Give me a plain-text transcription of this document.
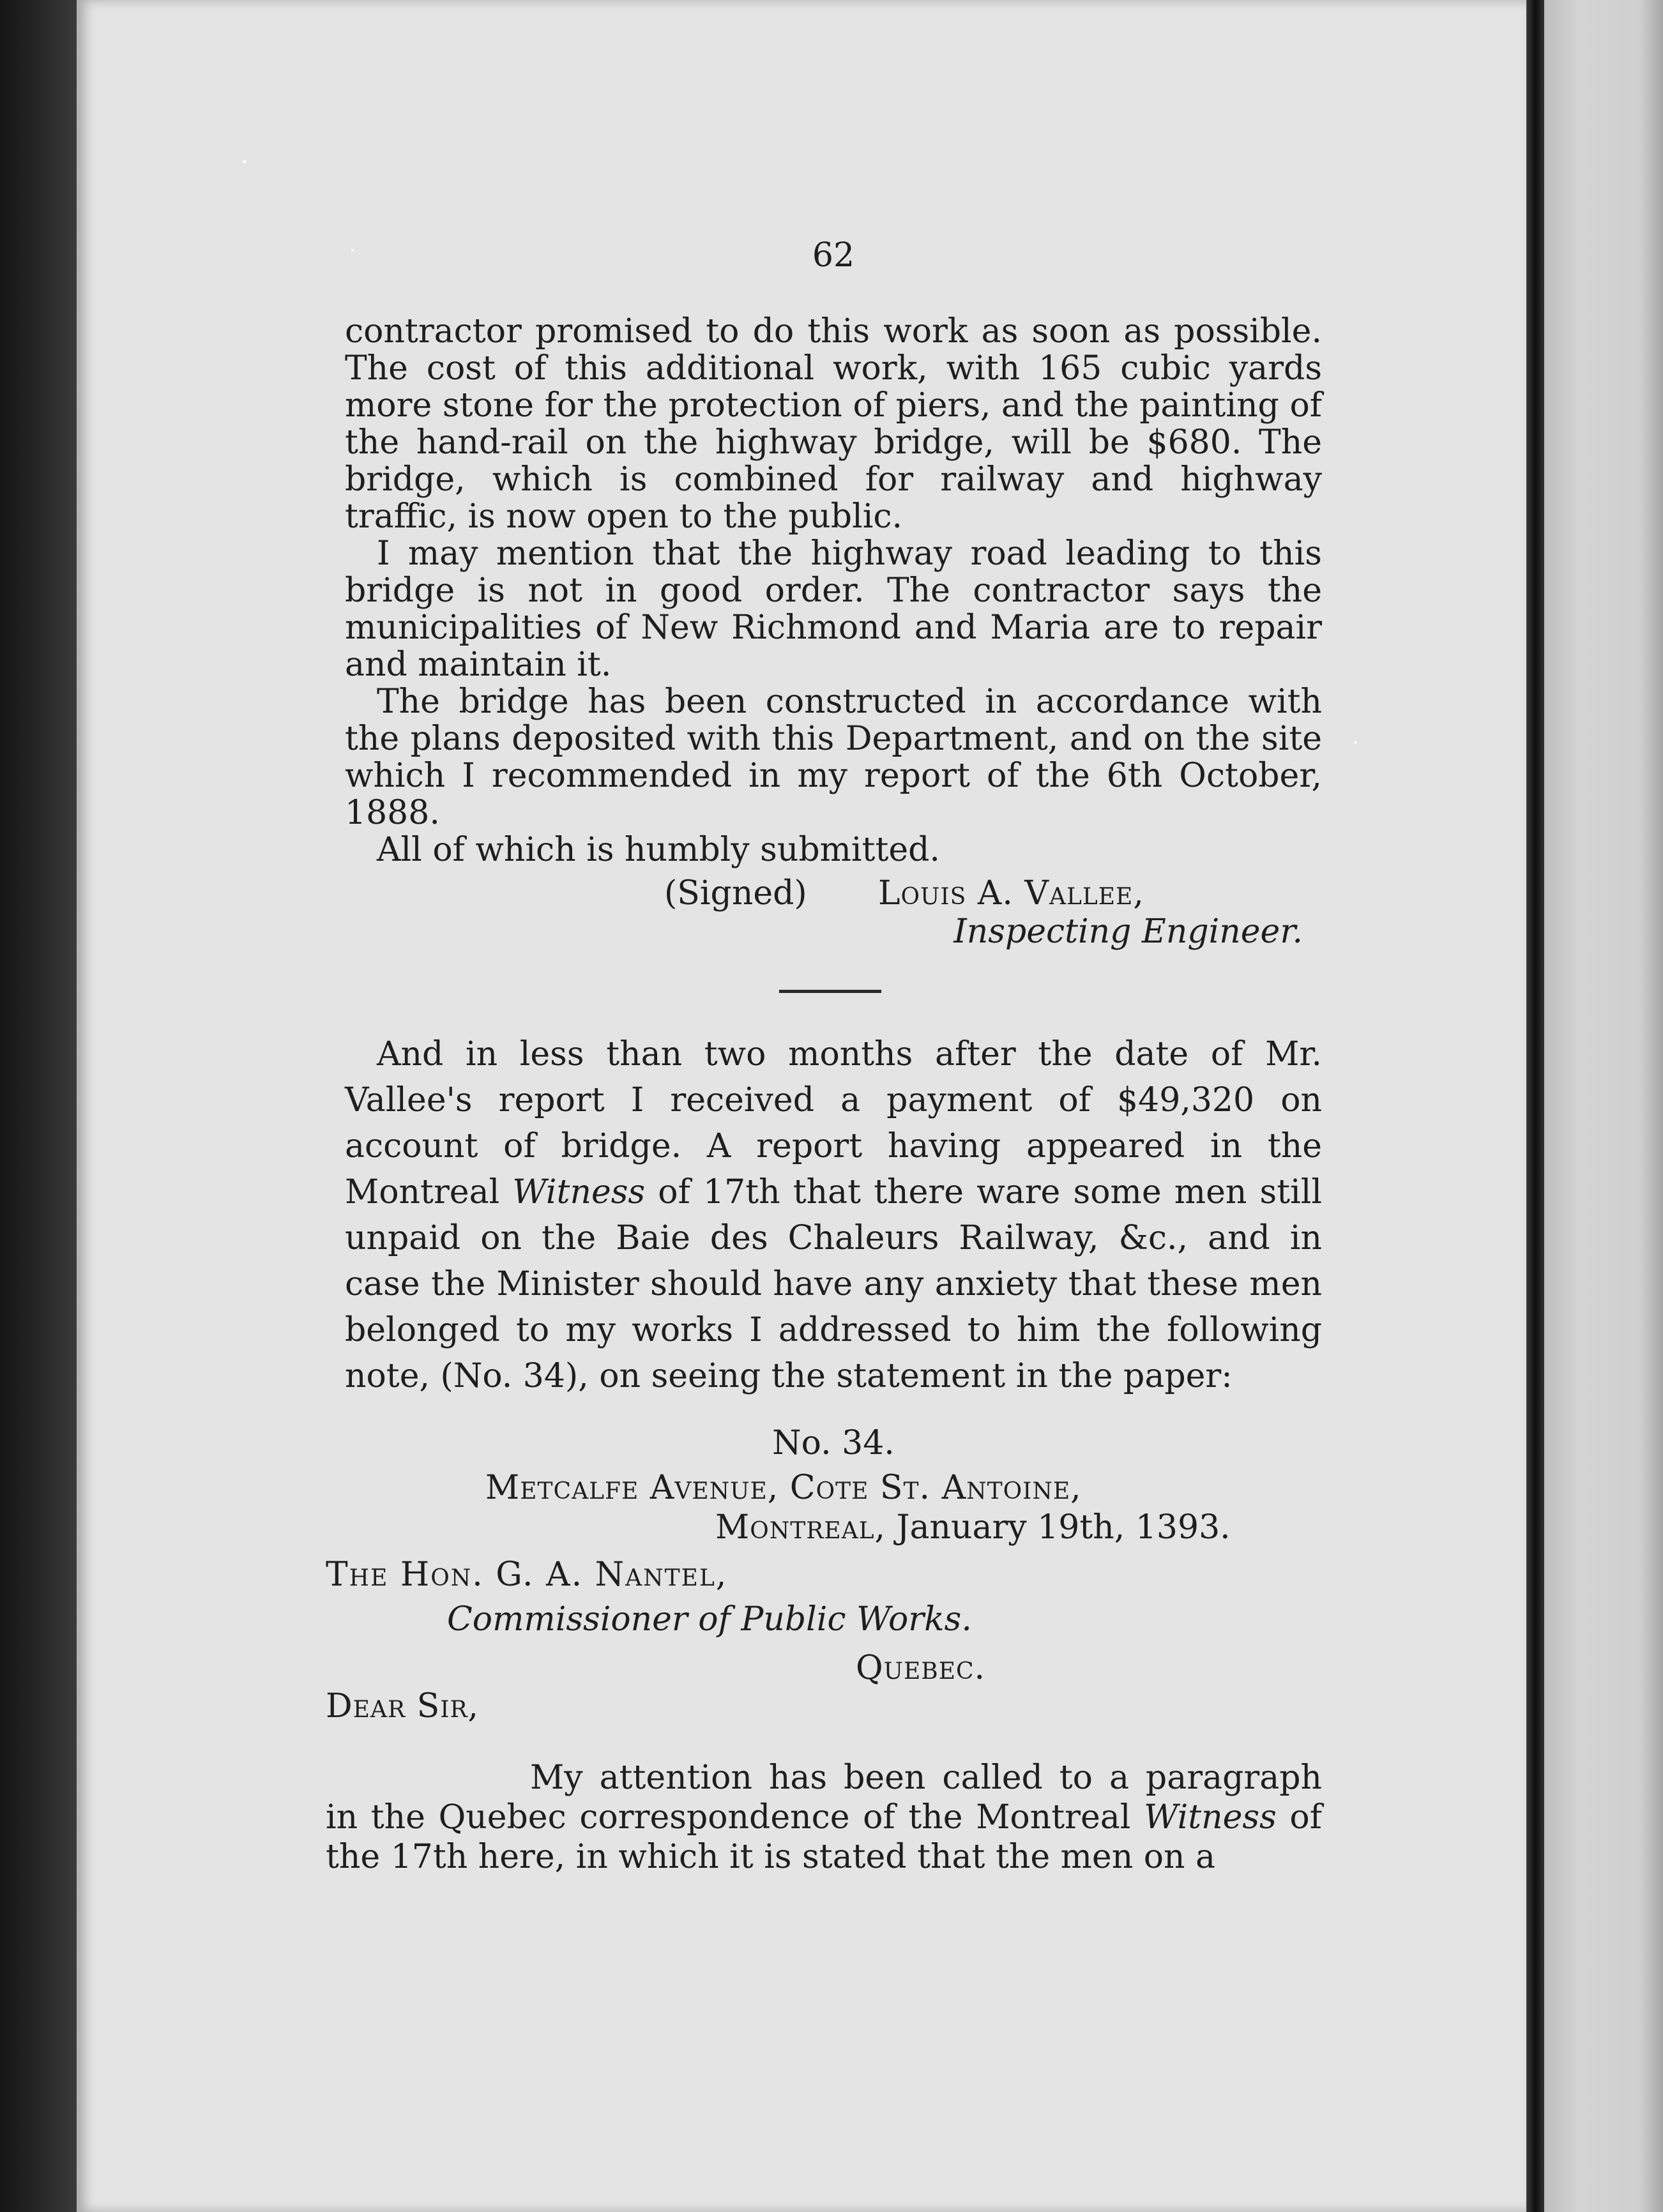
62

contractor promised to do this work as soon as possible. The cost of this additional work, with 165 cubic yards more stone for the protection of piers, and the painting of the hand-rail on the highway bridge, will be $680. The bridge, which is combined for railway and highway traffic, is now open to the public.

I may mention that the highway road leading to this bridge is not in good order. The contractor says the municipalities of New Richmond and Maria are to repair and maintain it.

The bridge has been constructed in accordance with the plans deposited with this Department, and on the site which I recommended in my report of the 6th October, 1888.

All of which is humbly submitted.

(Signed) Louis A. Vallee,
Inspecting Engineer.

And in less than two months after the date of Mr. Vallee's report I received a payment of $49,320 on account of bridge. A report having appeared in the Montreal Witness of 17th that there ware some men still unpaid on the Baie des Chaleurs Railway, &c., and in case the Minister should have any anxiety that these men belonged to my works I addressed to him the following note, (No. 34), on seeing the statement in the paper:

No. 34.
Metcalfe Avenue, Cote St. Antoine,
Montreal, January 19th, 1393.
The Hon. G. A. Nantel,
Commissioner of Public Works.
Quebec.
Dear Sir,

My attention has been called to a paragraph in the Quebec correspondence of the Montreal Witness of the 17th here, in which it is stated that the men on a
